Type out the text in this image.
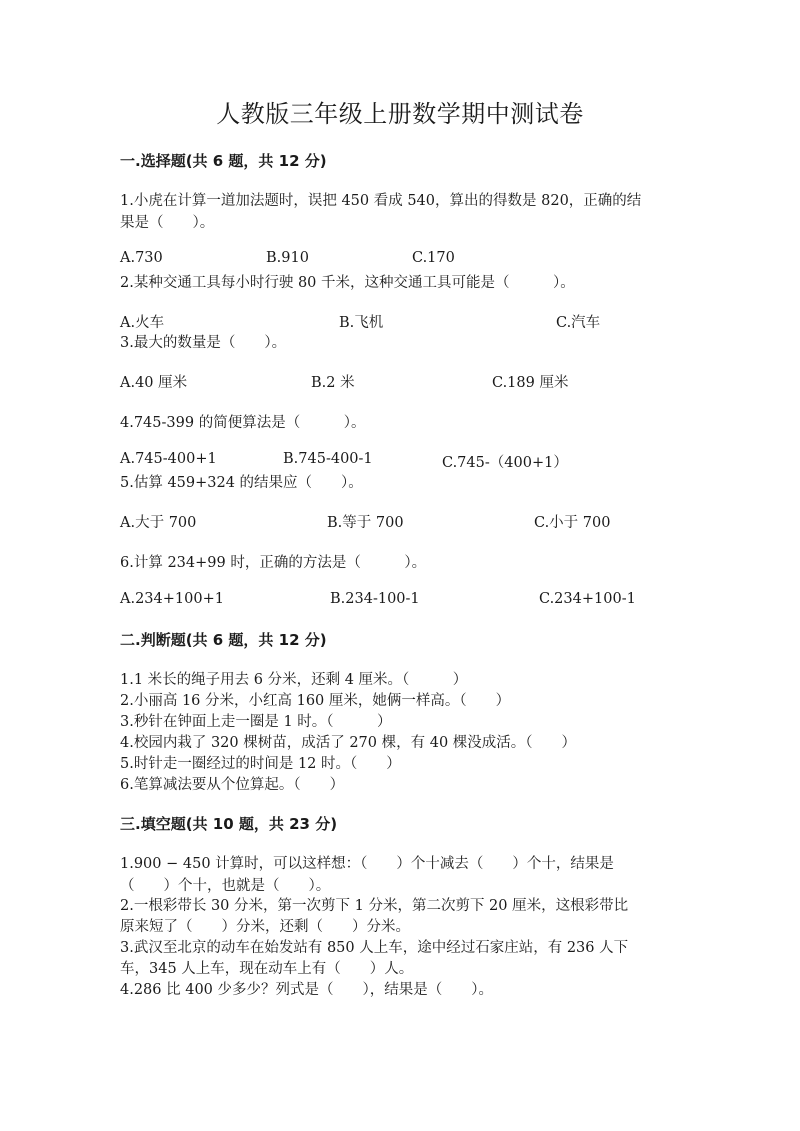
人教版三年级上册数学期中测试卷
一.选择题(共 6 题，共 12 分)
1.小虎在计算一道加法题时，误把 450 看成 540，算出的得数是 820，正确的结
果是（　　）。
A.730	B.910	C.170
2.某种交通工具每小时行驶 80 千米，这种交通工具可能是（　　　）。
A.火车	B.飞机	C.汽车
3.最大的数量是（　　）。
A.40 厘米	B.2 米	C.189 厘米
4.745-399 的简便算法是（　　　）。
A.745-400+1	B.745-400-1	C.745-（400+1）
5.估算 459+324 的结果应（　　）。
A.大于 700	B.等于 700	C.小于 700
6.计算 234+99 时，正确的方法是（　　　）。
A.234+100+1	B.234-100-1	C.234+100-1
二.判断题(共 6 题，共 12 分)
1.1 米长的绳子用去 6 分米，还剩 4 厘米。（　　　）
2.小丽高 16 分米，小红高 160 厘米，她俩一样高。（　　）
3.秒针在钟面上走一圈是 1 时。（　　　）
4.校园内栽了 320 棵树苗，成活了 270 棵，有 40 棵没成活。（　　）
5.时针走一圈经过的时间是 12 时。（　　）
6.笔算减法要从个位算起。（　　）
三.填空题(共 10 题，共 23 分)
1.900 − 450 计算时，可以这样想：（　　）个十减去（　　）个十，结果是
（　　）个十，也就是（　　）。
2.一根彩带长 30 分米，第一次剪下 1 分米，第二次剪下 20 厘米，这根彩带比
原来短了（　　）分米，还剩（　　）分米。
3.武汉至北京的动车在始发站有 850 人上车，途中经过石家庄站，有 236 人下
车，345 人上车，现在动车上有（　　）人。
4.286 比 400 少多少？列式是（　　），结果是（　　）。
